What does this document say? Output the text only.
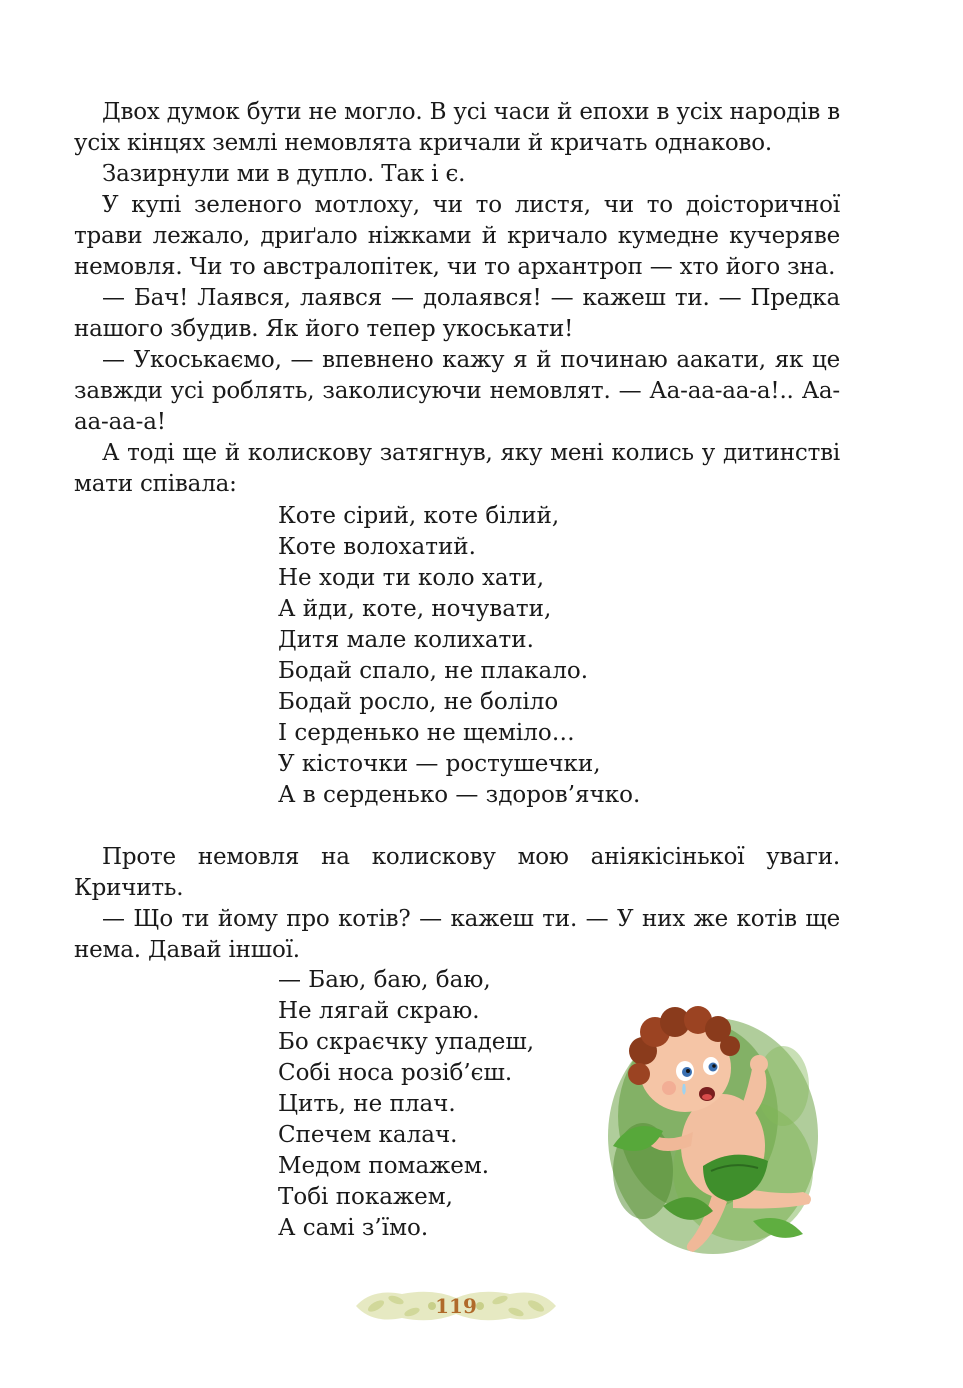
Двох думок бути не могло. В усі часи й епохи в усіх народів в усіх кінцях землі немовлята кричали й кричать однаково.

Зазирнули ми в дупло. Так і є.

У купі зеленого мотлоху, чи то листя, чи то доісторичної трави лежало, дриґало ніжками й кричало кумедне кучеряве немовля. Чи то австралопітек, чи то архантроп — хто його зна.

— Бач! Лаявся, лаявся — долаявся! — кажеш ти. — Предка нашого збудив. Як його тепер укоськати!

— Укоськаємо, — впевнено кажу я й починаю аакати, як це завжди усі роблять, заколисуючи немовлят. — Аа-аа-аа-а!.. Аа-аа-аа-а!

А тоді ще й колискову затягнув, яку мені колись у дитинстві мати співала:

Коте сірий, коте білий,
Коте волохатий.
Не ходи ти коло хати,
А йди, коте, ночувати,
Дитя мале колихати.
Бодай спало, не плакало.
Бодай росло, не боліло
І серденько не щеміло…
У кісточки — ростушечки,
А в серденько — здоров’ячко.

Проте немовля на колискову мою аніякісінької уваги. Кричить.

— Що ти йому про котів? — кажеш ти. — У них же котів ще нема. Давай іншої.

— Баю, баю, баю,
Не лягай скраю.
Бо скраєчку упадеш,
Собі носа розіб’єш.
Цить, не плач.
Спечем калач.
Медом помажем.
Тобі покажем,
А самі з’їмо.
119
